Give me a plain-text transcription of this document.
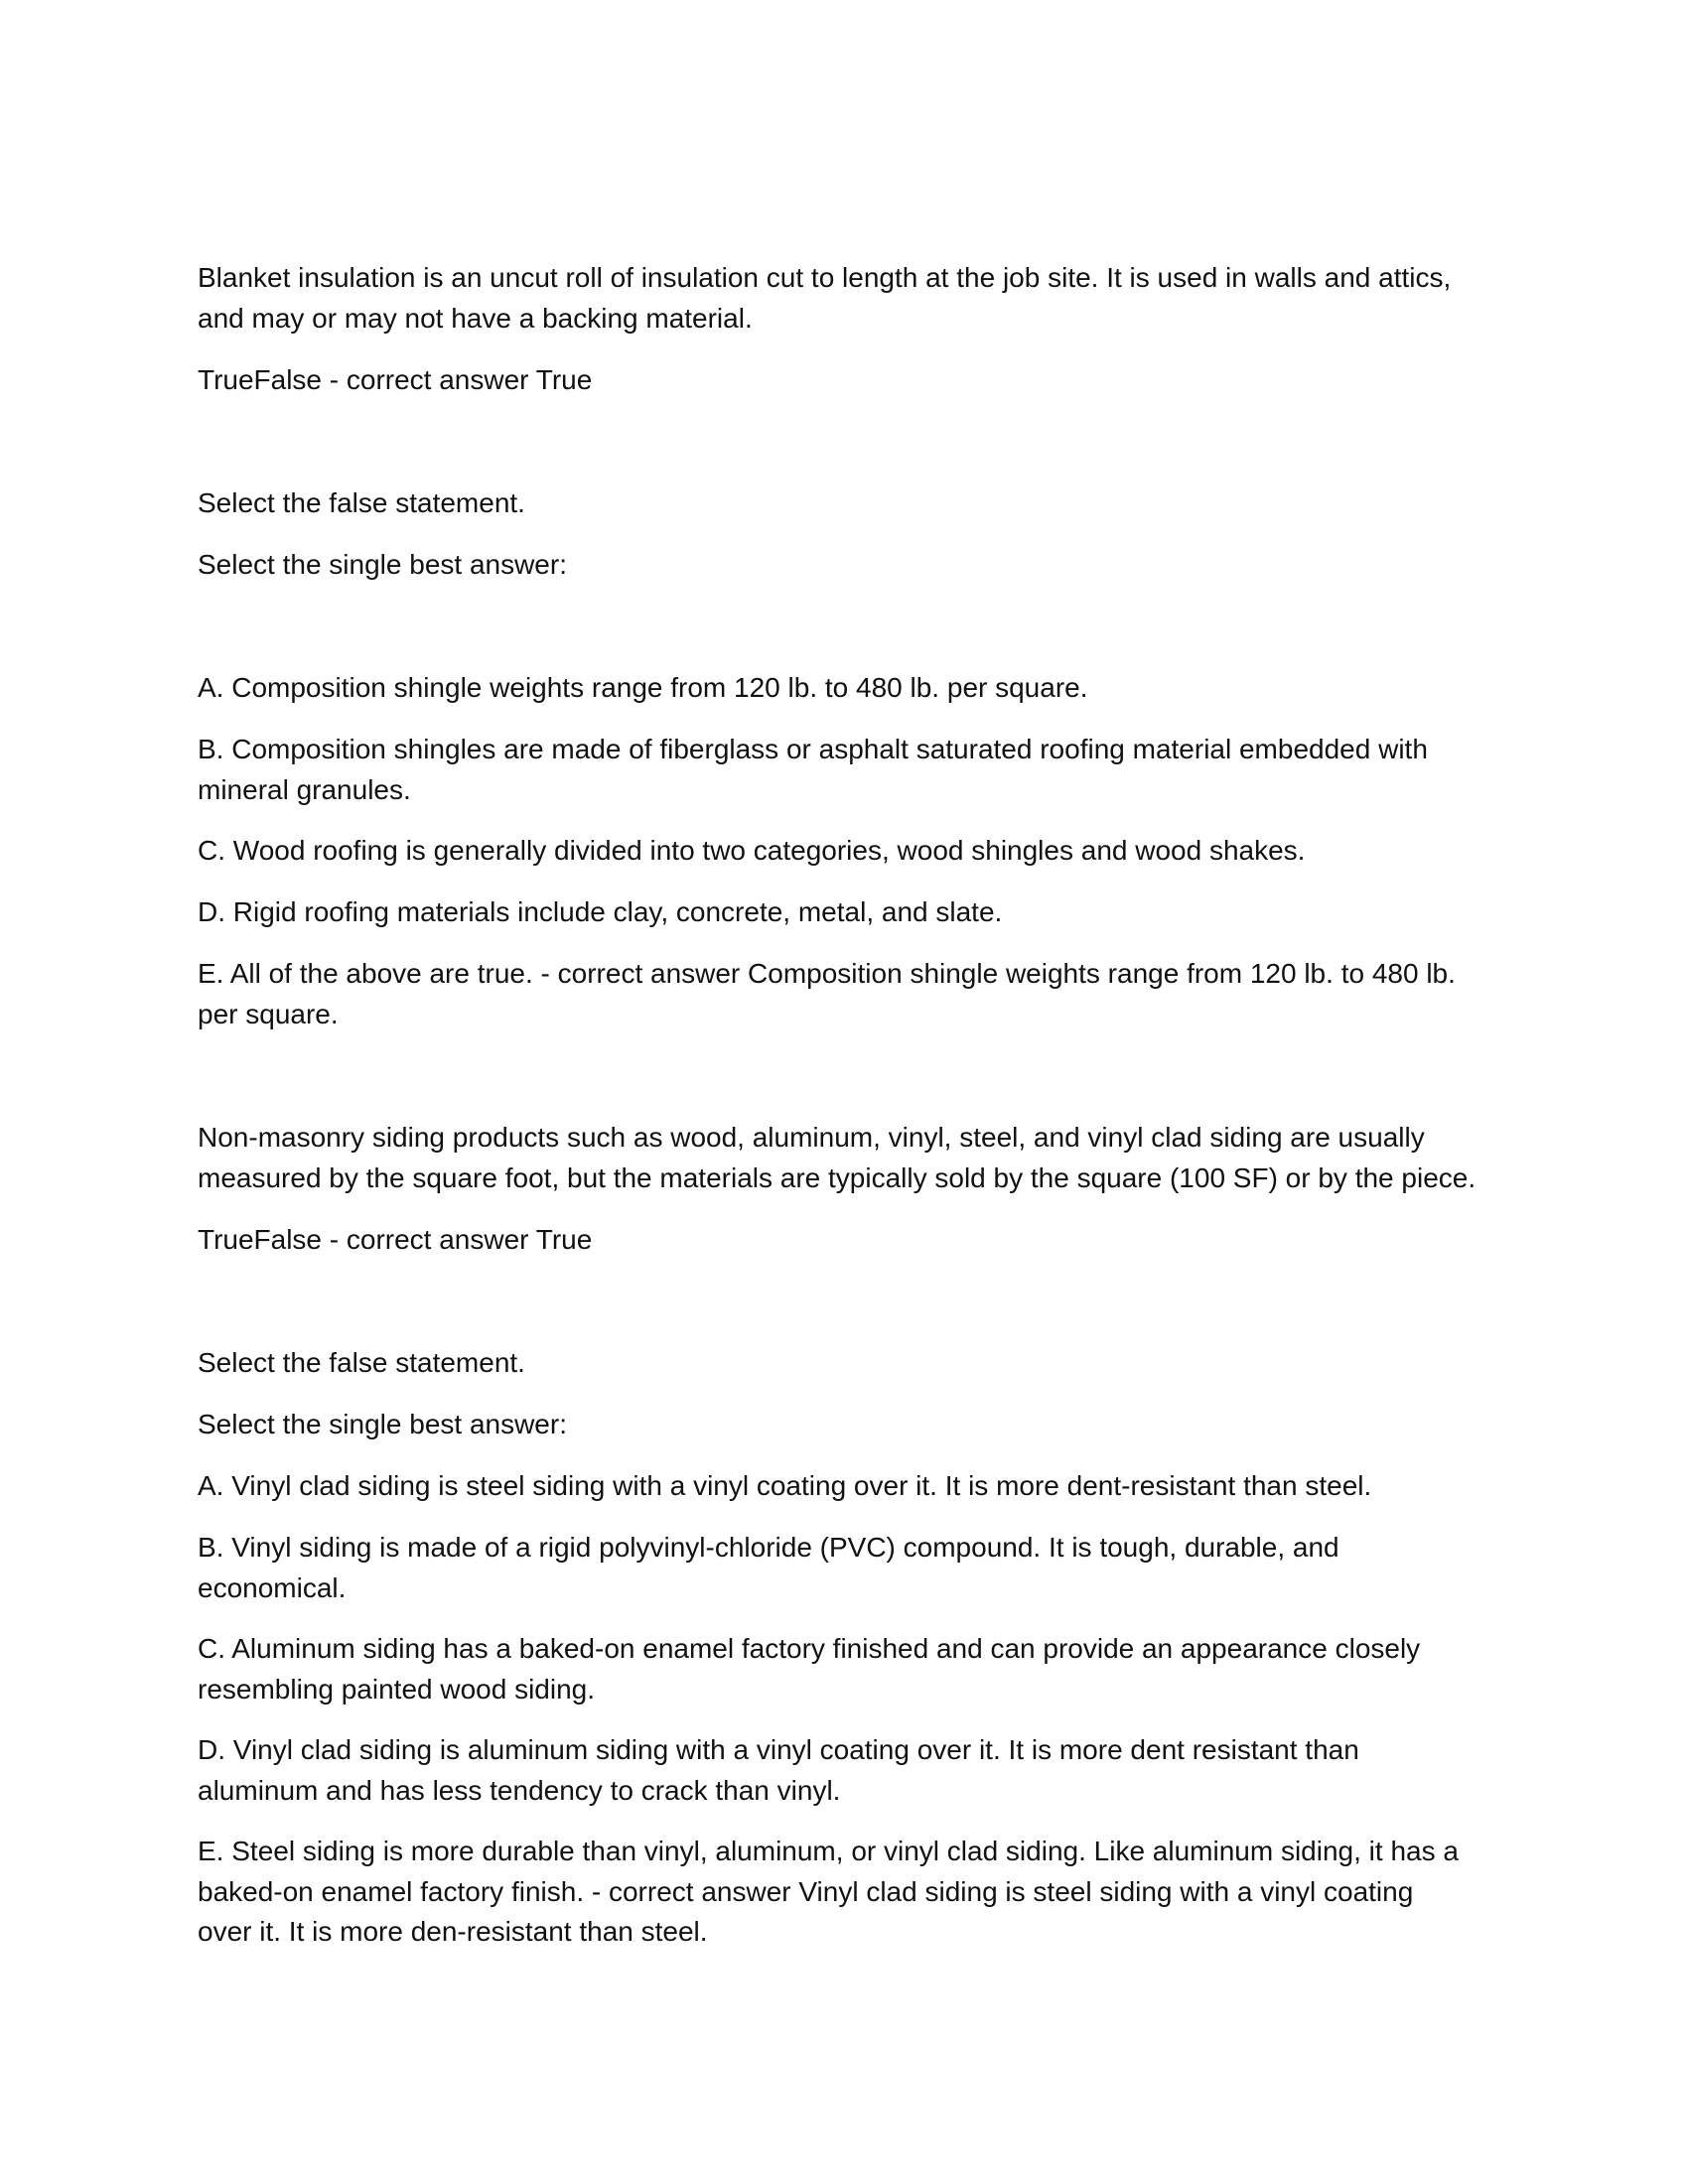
Blanket insulation is an uncut roll of insulation cut to length at the job site. It is used in walls and attics,
and may or may not have a backing material.

TrueFalse - correct answer True

Select the false statement.

Select the single best answer:

A. Composition shingle weights range from 120 lb. to 480 lb. per square.

B. Composition shingles are made of fiberglass or asphalt saturated roofing material embedded with
mineral granules.

C. Wood roofing is generally divided into two categories, wood shingles and wood shakes.

D. Rigid roofing materials include clay, concrete, metal, and slate.

E. All of the above are true. - correct answer Composition shingle weights range from 120 lb. to 480 lb.
per square.

Non-masonry siding products such as wood, aluminum, vinyl, steel, and vinyl clad siding are usually
measured by the square foot, but the materials are typically sold by the square (100 SF) or by the piece.

TrueFalse - correct answer True

Select the false statement.

Select the single best answer:

A. Vinyl clad siding is steel siding with a vinyl coating over it. It is more dent-resistant than steel.

B. Vinyl siding is made of a rigid polyvinyl-chloride (PVC) compound. It is tough, durable, and
economical.

C. Aluminum siding has a baked-on enamel factory finished and can provide an appearance closely
resembling painted wood siding.

D. Vinyl clad siding is aluminum siding with a vinyl coating over it. It is more dent resistant than
aluminum and has less tendency to crack than vinyl.

E. Steel siding is more durable than vinyl, aluminum, or vinyl clad siding. Like aluminum siding, it has a
baked-on enamel factory finish. - correct answer Vinyl clad siding is steel siding with a vinyl coating
over it. It is more den-resistant than steel.
